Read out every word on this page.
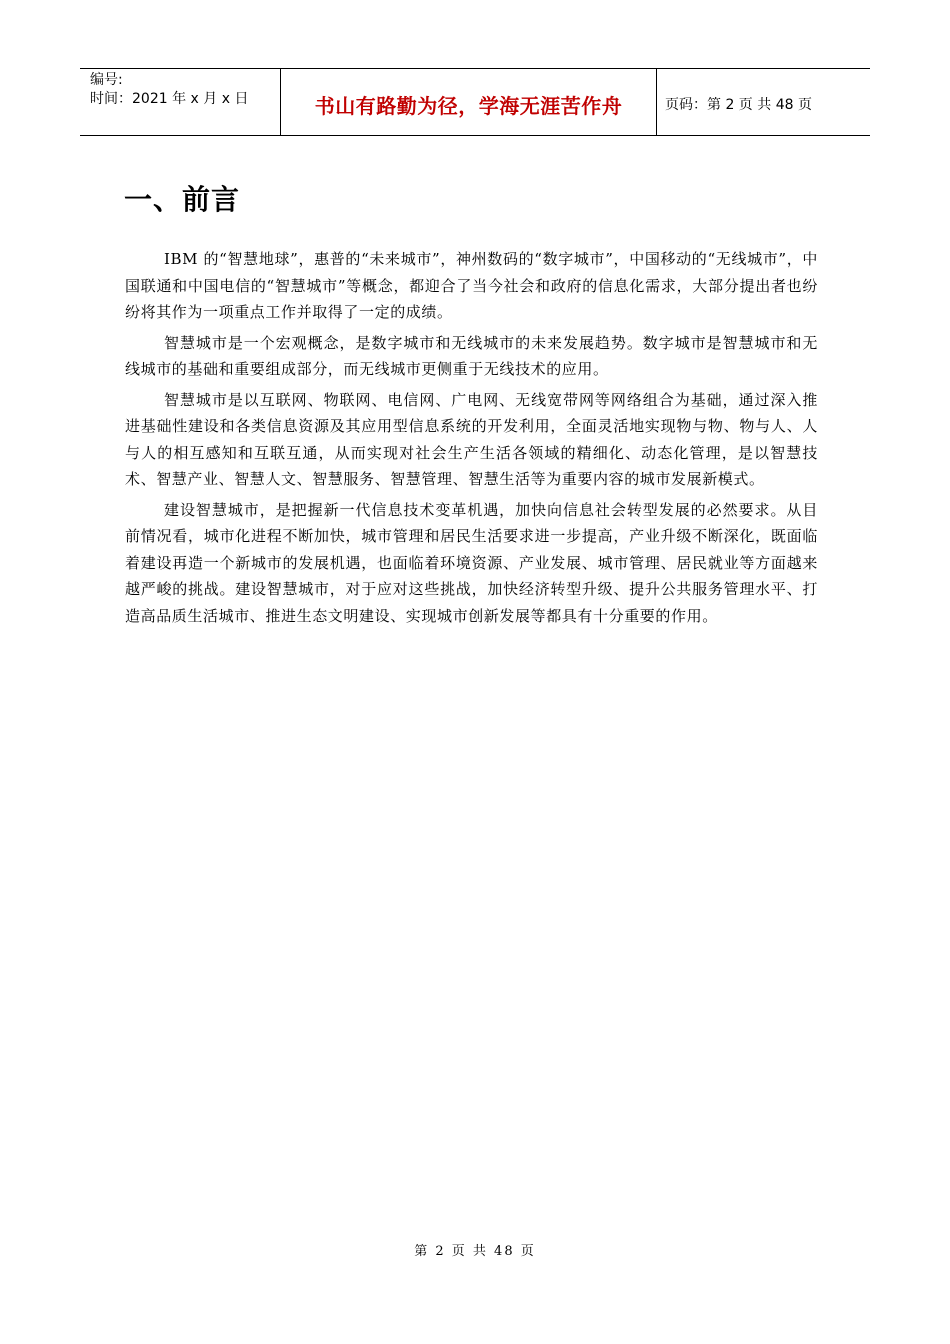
编号:
时间：2021 年 x 月 x 日	书山有路勤为径，学海无涯苦作舟	页码：第 2 页 共 48 页
一、前言

IBM 的“智慧地球”，惠普的“未来城市”，神州数码的“数字城市”，中国移动的“无线城市”，中国联通和中国电信的“智慧城市”等概念，都迎合了当今社会和政府的信息化需求，大部分提出者也纷纷将其作为一项重点工作并取得了一定的成绩。

智慧城市是一个宏观概念，是数字城市和无线城市的未来发展趋势。数字城市是智慧城市和无线城市的基础和重要组成部分，而无线城市更侧重于无线技术的应用。

智慧城市是以互联网、物联网、电信网、广电网、无线宽带网等网络组合为基础，通过深入推进基础性建设和各类信息资源及其应用型信息系统的开发利用，全面灵活地实现物与物、物与人、人与人的相互感知和互联互通，从而实现对社会生产生活各领域的精细化、动态化管理，是以智慧技术、智慧产业、智慧人文、智慧服务、智慧管理、智慧生活等为重要内容的城市发展新模式。

建设智慧城市，是把握新一代信息技术变革机遇，加快向信息社会转型发展的必然要求。从目前情况看，城市化进程不断加快，城市管理和居民生活要求进一步提高，产业升级不断深化，既面临着建设再造一个新城市的发展机遇，也面临着环境资源、产业发展、城市管理、居民就业等方面越来越严峻的挑战。建设智慧城市，对于应对这些挑战，加快经济转型升级、提升公共服务管理水平、打造高品质生活城市、推进生态文明建设、实现城市创新发展等都具有十分重要的作用。

第 2 页 共 48 页
